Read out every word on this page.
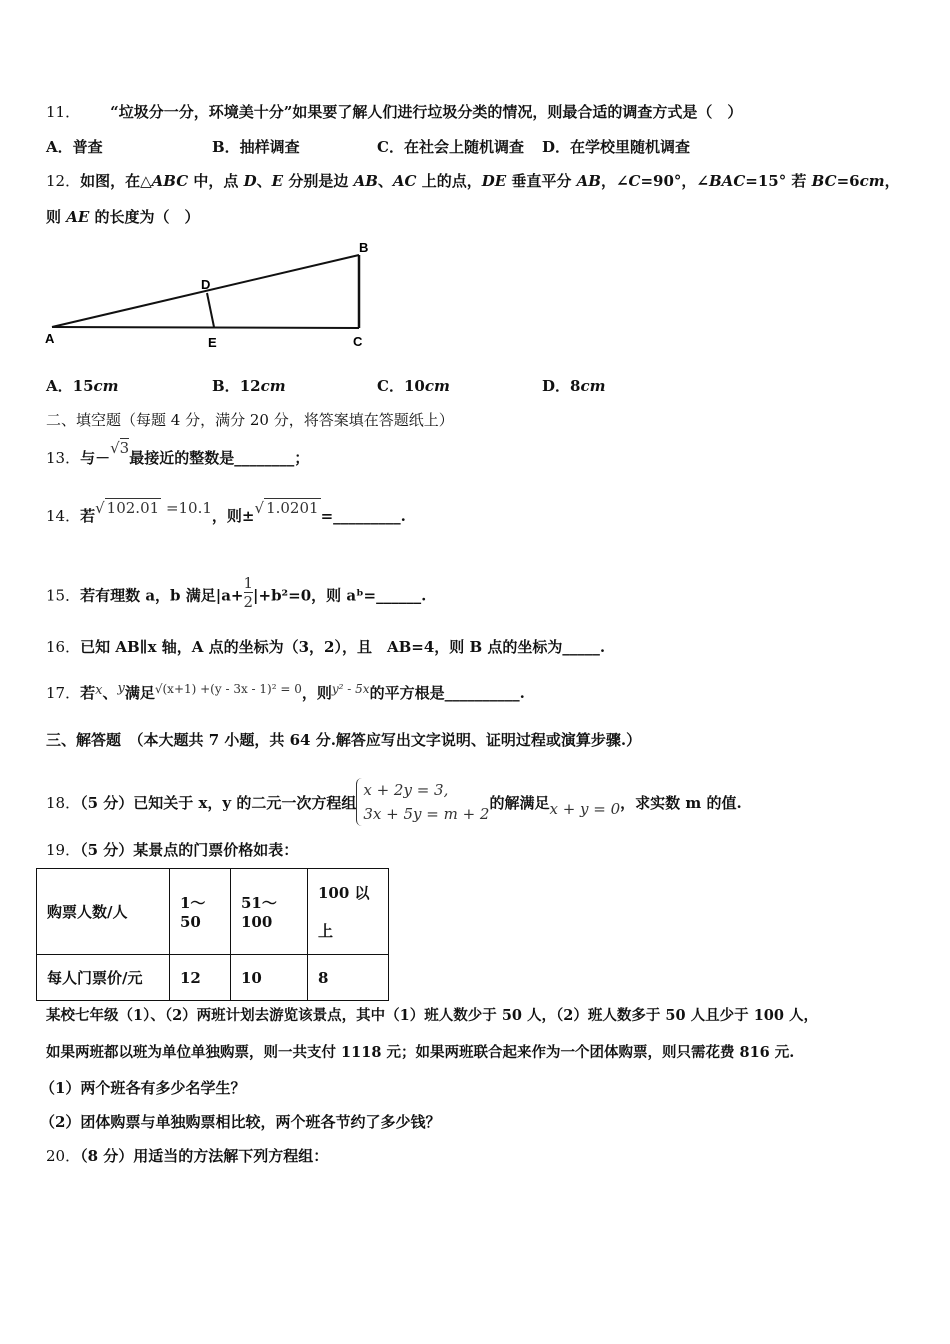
11． “垃圾分一分，环境美十分”如果要了解人们进行垃圾分类的情况，则最合适的调查方式是（　）
A．普查	B．抽样调查	C．在社会上随机调查 D．在学校里随机调查
12．如图，在△ABC 中，点 D、E 分别是边 AB、AC 上的点，DE 垂直平分 AB，∠C=90°，∠BAC=15° 若 BC=6cm，
则 AE 的长度为（　）
A
B
C
D
E
A．15cm	B．12cm	C．10cm	D．8cm
二、填空题（每题 4 分，满分 20 分，将答案填在答题纸上）
13．与－√3最接近的整数是________；
14．若√ 102.01 =10.1，则±√ 1.0201 =_________.
15．若有理数 a，b 满足$|a+ \frac{1}{2} |+b^2=0$，则 aᵇ=______.
16．已知 AB∥x 轴，A 点的坐标为（3，2），且　AB=4，则 B 点的坐标为_____.
17．若x、y满足$^{√(x+1) +(y - 3x - 1)^2 = 0}$，则$^{y^2 - 5x}$的平方根是__________.
三、解答题　（本大题共 7 小题，共 64 分.解答应写出文字说明、证明过程或演算步骤.）
18．（5 分）已知关于 x，y 的二元一次方程组
x + 2y = 3,
3x + 5y = m + 2
的解满足x + y = 0，求实数 m 的值.
19．（5 分）某景点的门票价格如表：
购票人数/人	1～50	51～100	100 以
上

每人门票价/元	12	10	8
某校七年级（1）、（2）两班计划去游览该景点，其中（1）班人数少于 50 人，（2）班人数多于 50 人且少于 100 人，
如果两班都以班为单位单独购票，则一共支付 1118 元；如果两班联合起来作为一个团体购票，则只需花费 816 元.
（1）两个班各有多少名学生？
（2）团体购票与单独购票相比较，两个班各节约了多少钱？
20．（8 分）用适当的方法解下列方程组：
